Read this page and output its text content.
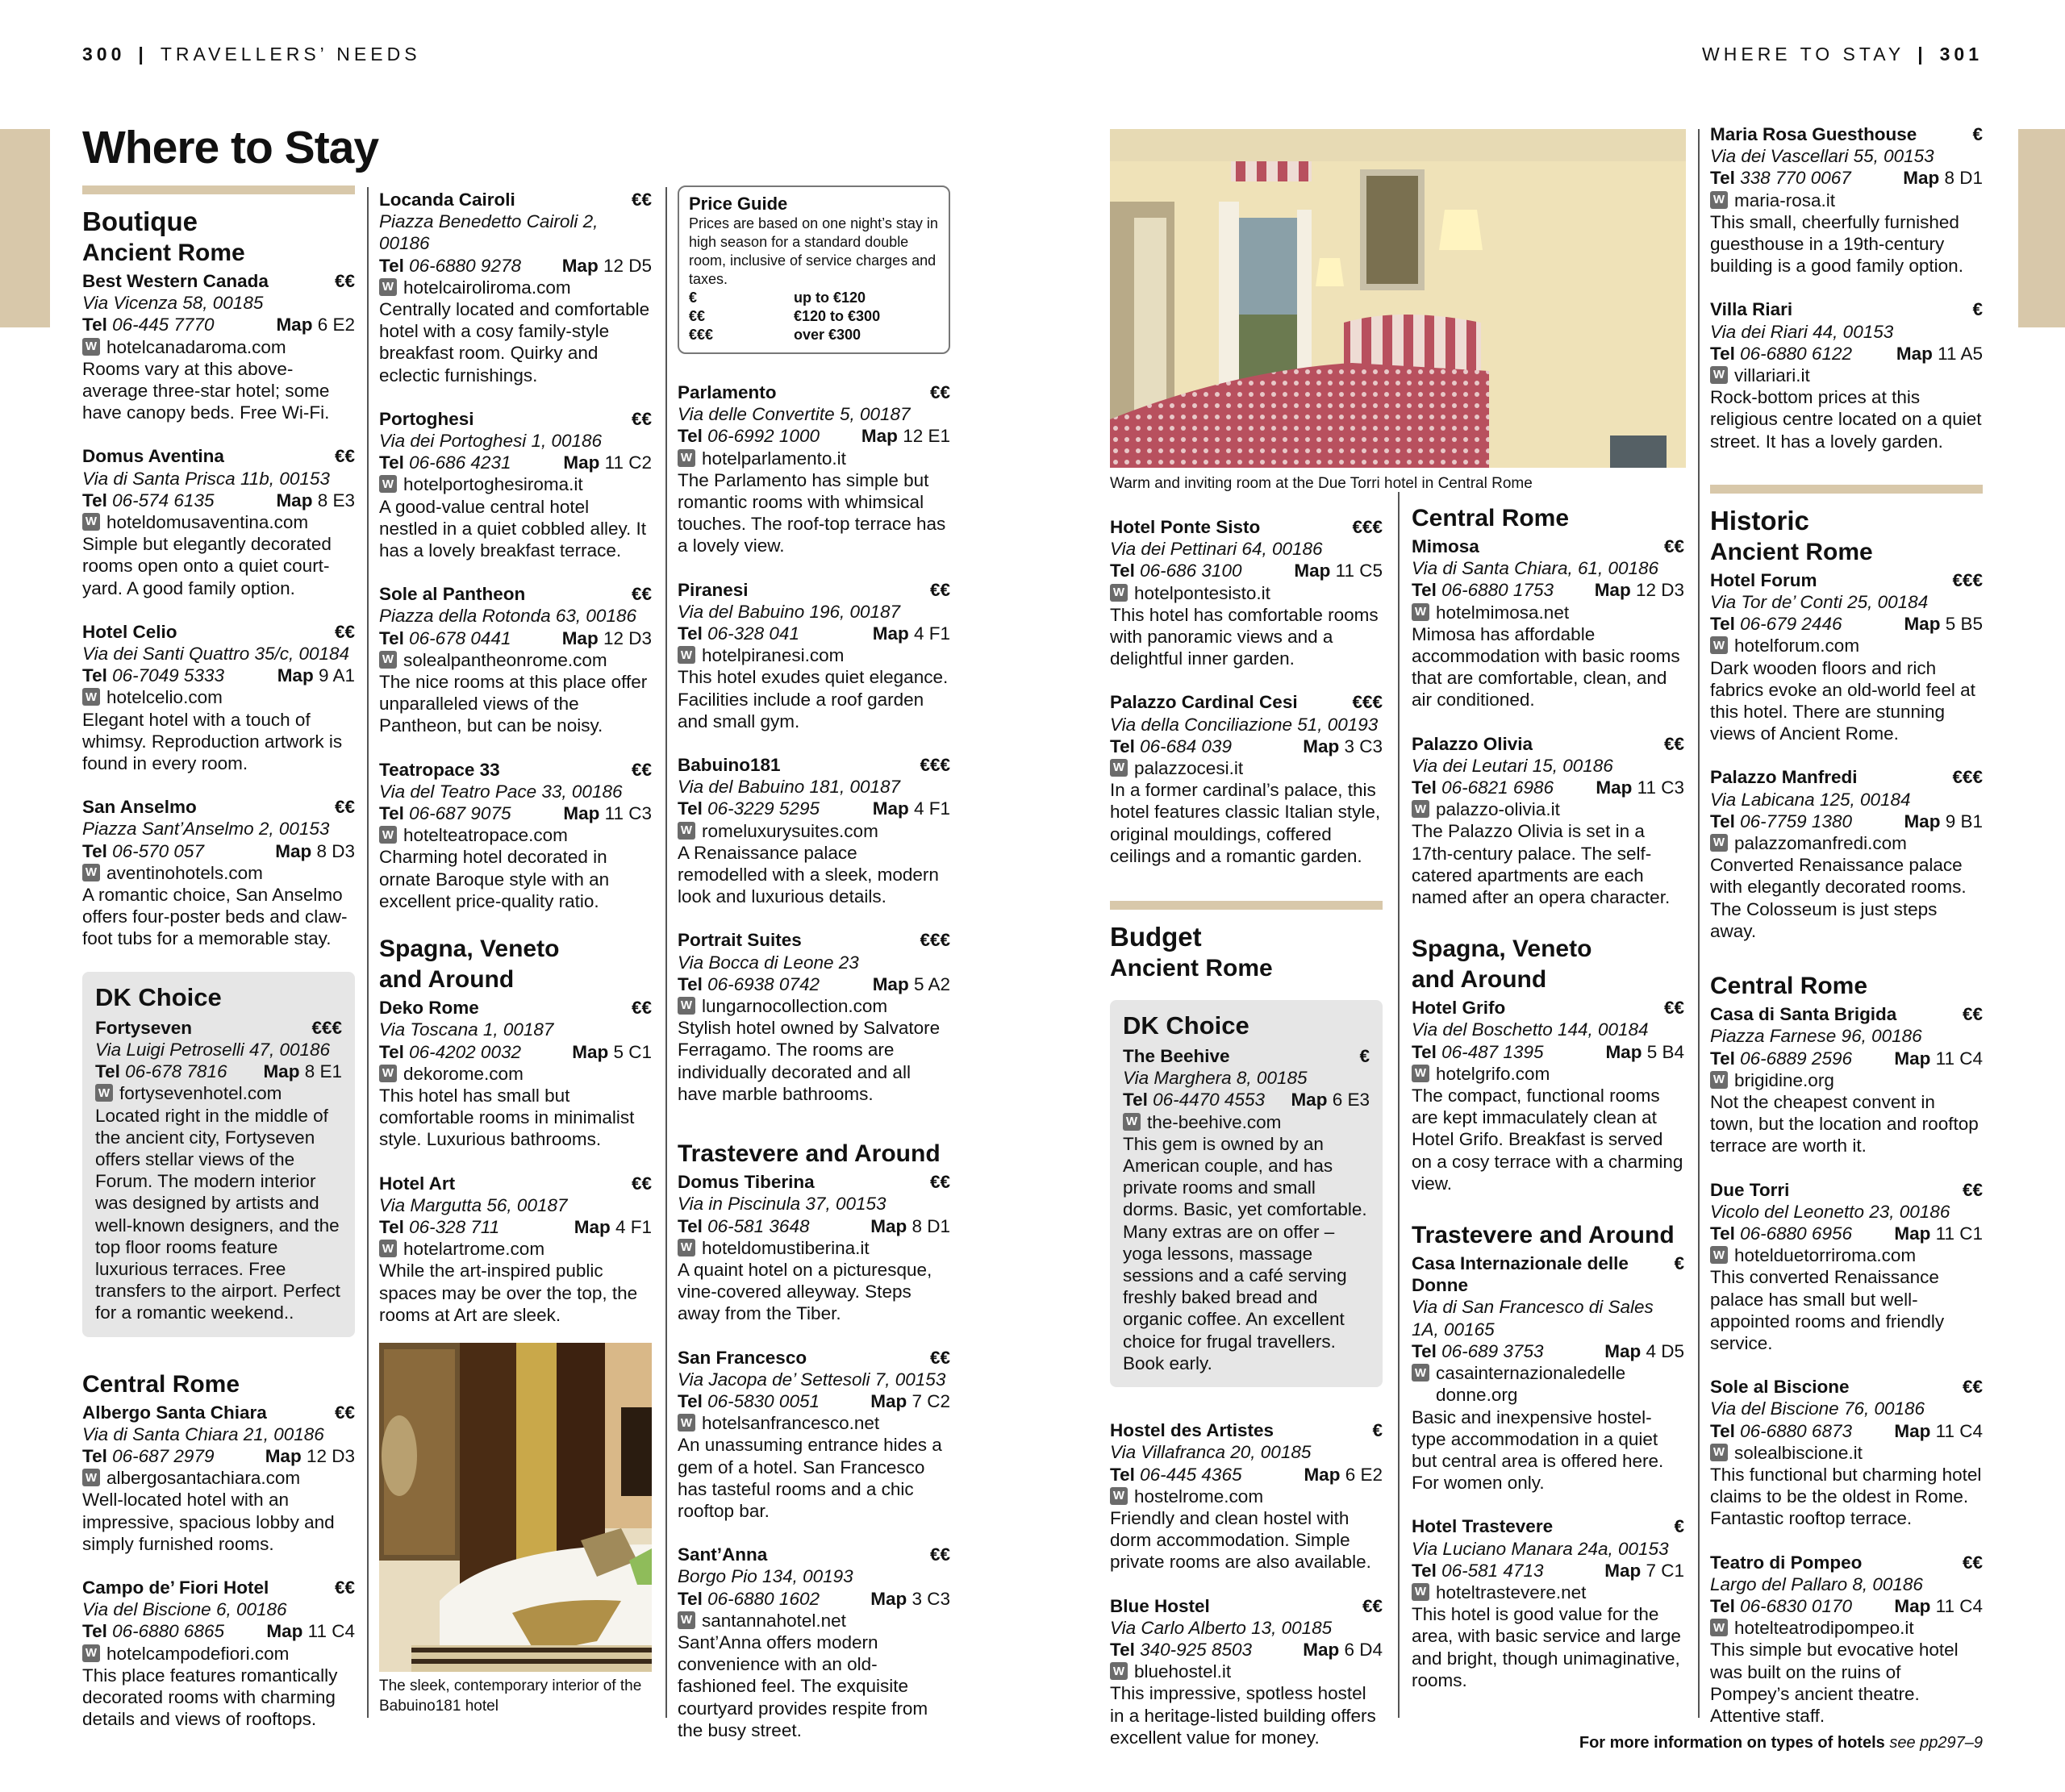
300 | TRAVELLERS’ NEEDS	WHERE TO STAY | 301
Where to Stay
Boutique
Ancient Rome
Best Western Canada	€€
Via Vicenza 58, 00185
Tel 06-445 7770	Map 6 E2
W hotelcanadaroma.com
Rooms vary at this above-average three-star hotel; some have canopy beds. Free Wi-Fi.
Domus Aventina	€€
Via di Santa Prisca 11b, 00153
Tel 06-574 6135	Map 8 E3
W hoteldomusaventina.com
Simple but elegantly decorated rooms open onto a quiet court-yard. A good family option.
Hotel Celio	€€
Via dei Santi Quattro 35/c, 00184
Tel 06-7049 5333	Map 9 A1
W hotelcelio.com
Elegant hotel with a touch of whimsy. Reproduction artwork is found in every room.
San Anselmo	€€
Piazza Sant’Anselmo 2, 00153
Tel 06-570 057	Map 8 D3
W aventinohotels.com
A romantic choice, San Anselmo offers four-poster beds and claw-foot tubs for a memorable stay.
DK Choice
Fortyseven	€€€
Via Luigi Petroselli 47, 00186
Tel 06-678 7816 Map 8 E1
W fortysevenhotel.com
Located right in the middle of the ancient city, Fortyseven offers stellar views of the Forum. The modern interior was designed by artists and well-known designers, and the top floor rooms feature luxurious terraces. Free transfers to the airport. Perfect for a romantic weekend..
Central Rome
Albergo Santa Chiara	€€
Via di Santa Chiara 21, 00186
Tel 06-687 2979	Map 12 D3
W albergosantachiara.com
Well-located hotel with an impressive, spacious lobby and simply furnished rooms.
Campo de’ Fiori Hotel	€€
Via del Biscione 6, 00186
Tel 06-6880 6865 Map 11 C4
W hotelcampodefiori.com
This place features romantically decorated rooms with charming details and views of rooftops.
Locanda Cairoli	€€
Piazza Benedetto Cairoli 2, 00186
Tel 06-6880 9278 Map 12 D5
W hotelcairoliroma.com
Centrally located and comfortable hotel with a cosy family-style breakfast room. Quirky and eclectic furnishings.
Portoghesi	€€
Via dei Portoghesi 1, 00186
Tel 06-686 4231	Map 11 C2
W hotelportoghesiroma.it
A good-value central hotel nestled in a quiet cobbled alley. It has a lovely breakfast terrace.
Sole al Pantheon	€€
Piazza della Rotonda 63, 00186
Tel 06-678 0441	Map 12 D3
W solealpantheonrome.com
The nice rooms at this place offer unparalleled views of the Pantheon, but can be noisy.
Teatropace 33	€€
Via del Teatro Pace 33, 00186
Tel 06-687 9075	Map 11 C3
W hotelteatropace.com
Charming hotel decorated in ornate Baroque style with an excellent price-quality ratio.
Spagna, Veneto and Around
Deko Rome	€€
Via Toscana 1, 00187
Tel 06-4202 0032	Map 5 C1
W dekorome.com
This hotel has small but comfortable rooms in minimalist style. Luxurious bathrooms.
Hotel Art	€€
Via Margutta 56, 00187
Tel 06-328 711	Map 4 F1
W hotelartrome.com
While the art-inspired public spaces may be over the top, the rooms at Art are sleek.
The sleek, contemporary interior of the Babuino181 hotel
Price Guide
Prices are based on one night’s stay in high season for a standard double room, inclusive of service charges and taxes.
€	up to €120
€€	€120 to €300
€€€	over €300
Parlamento	€€
Via delle Convertite 5, 00187
Tel 06-6992 1000 Map 12 E1
W hotelparlamento.it
The Parlamento has simple but romantic rooms with whimsical touches. The roof-top terrace has a lovely view.
Piranesi	€€
Via del Babuino 196, 00187
Tel 06-328 041	Map 4 F1
W hotelpiranesi.com
This hotel exudes quiet elegance. Facilities include a roof garden and small gym.
Babuino181	€€€
Via del Babuino 181, 00187
Tel 06-3229 5295	Map 4 F1
W romeluxurysuites.com
A Renaissance palace remodelled with a sleek, modern look and luxurious details.
Portrait Suites	€€€
Via Bocca di Leone 23
Tel 06-6938 0742	Map 5 A2
W lungarnocollection.com
Stylish hotel owned by Salvatore Ferragamo. The rooms are individually decorated and all have marble bathrooms.
Trastevere and Around
Domus Tiberina	€€
Via in Piscinula 37, 00153
Tel 06-581 3648	Map 8 D1
W hoteldomustiberina.it
A quaint hotel on a picturesque, vine-covered alleyway. Steps away from the Tiber.
San Francesco	€€
Via Jacopa de’ Settesoli 7, 00153
Tel 06-5830 0051	Map 7 C2
W hotelsanfrancesco.net
An unassuming entrance hides a gem of a hotel. San Francesco has tasteful rooms and a chic rooftop bar.
Sant’Anna	€€
Borgo Pio 134, 00193
Tel 06-6880 1602	Map 3 C3
W santannahotel.net
Sant’Anna offers modern convenience with an old-fashioned feel. The exquisite courtyard provides respite from the busy street.
Warm and inviting room at the Due Torri hotel in Central Rome
Hotel Ponte Sisto	€€€
Via dei Pettinari 64, 00186
Tel 06-686 3100	Map 11 C5
W hotelpontesisto.it
This hotel has comfortable rooms with panoramic views and a delightful inner garden.
Palazzo Cardinal Cesi	€€€
Via della Conciliazione 51, 00193
Tel 06-684 039	Map 3 C3
W palazzocesi.it
In a former cardinal’s palace, this hotel features classic Italian style, original mouldings, coffered ceilings and a romantic garden.
Budget
Ancient Rome
DK Choice
The Beehive	€
Via Marghera 8, 00185
Tel 06-4470 4553 Map 6 E3
W the-beehive.com
This gem is owned by an American couple, and has private rooms and small dorms. Basic, yet comfortable. Many extras are on offer – yoga lessons, massage sessions and a café serving freshly baked bread and organic coffee. An excellent choice for frugal travellers. Book early.
Hostel des Artistes	€
Via Villafranca 20, 00185
Tel 06-445 4365	Map 6 E2
W hostelrome.com
Friendly and clean hostel with dorm accommodation. Simple private rooms are also available.
Blue Hostel	€€
Via Carlo Alberto 13, 00185
Tel 340-925 8503	Map 6 D4
W bluehostel.it
This impressive, spotless hostel in a heritage-listed building offers excellent value for money.
Central Rome
Mimosa	€€
Via di Santa Chiara, 61, 00186
Tel 06-6880 1753 Map 12 D3
W hotelmimosa.net
Mimosa has affordable accommodation with basic rooms that are comfortable, clean, and air conditioned.
Palazzo Olivia	€€
Via dei Leutari 15, 00186
Tel 06-6821 6986 Map 11 C3
W palazzo-olivia.it
The Palazzo Olivia is set in a 17th-century palace. The self-catered apartments are each named after an opera character.
Spagna, Veneto and Around
Hotel Grifo	€€
Via del Boschetto 144, 00184
Tel 06-487 1395	Map 5 B4
W hotelgrifo.com
The compact, functional rooms are kept immaculately clean at Hotel Grifo. Breakfast is served on a cosy terrace with a charming view.
Trastevere and Around
Casa Internazionale delle Donne
€
Via di San Francesco di Sales 1A, 00165
Tel 06-689 3753	Map 4 D5
W casainternazionaledelle donne.org
Basic and inexpensive hostel-type accommodation in a quiet but central area is offered here. For women only.
Hotel Trastevere	€
Via Luciano Manara 24a, 00153
Tel 06-581 4713	Map 7 C1
W hoteltrastevere.net
This hotel is good value for the area, with basic service and large and bright, though unimaginative, rooms.
Maria Rosa Guesthouse	€
Via dei Vascellari 55, 00153
Tel 338 770 0067	Map 8 D1
W maria-rosa.it
This small, cheerfully furnished guesthouse in a 19th-century building is a good family option.
Villa Riari	€
Via dei Riari 44, 00153
Tel 06-6880 6122 Map 11 A5
W villariari.it
Rock-bottom prices at this religious centre located on a quiet street. It has a lovely garden.
Historic
Ancient Rome
Hotel Forum	€€€
Via Tor de’ Conti 25, 00184
Tel 06-679 2446	Map 5 B5
W hotelforum.com
Dark wooden floors and rich fabrics evoke an old-world feel at this hotel. There are stunning views of Ancient Rome.
Palazzo Manfredi	€€€
Via Labicana 125, 00184
Tel 06-7759 1380	Map 9 B1
W palazzomanfredi.com
Converted Renaissance palace with elegantly decorated rooms. The Colosseum is just steps away.
Central Rome
Casa di Santa Brigida	€€
Piazza Farnese 96, 00186
Tel 06-6889 2596 Map 11 C4
W brigidine.org
Not the cheapest convent in town, but the location and rooftop terrace are worth it.
Due Torri	€€
Vicolo del Leonetto 23, 00186
Tel 06-6880 6956 Map 11 C1
W hotelduetorriroma.com
This converted Renaissance palace has small but well-appointed rooms and friendly service.
Sole al Biscione	€€
Via del Biscione 76, 00186
Tel 06-6880 6873 Map 11 C4
W solealbiscione.it
This functional but charming hotel claims to be the oldest in Rome. Fantastic rooftop terrace.
Teatro di Pompeo	€€
Largo del Pallaro 8, 00186
Tel 06-6830 0170 Map 11 C4
W hotelteatrodipompeo.it
This simple but evocative hotel was built on the ruins of Pompey’s ancient theatre. Attentive staff.
For more information on types of hotels see pp297–9
